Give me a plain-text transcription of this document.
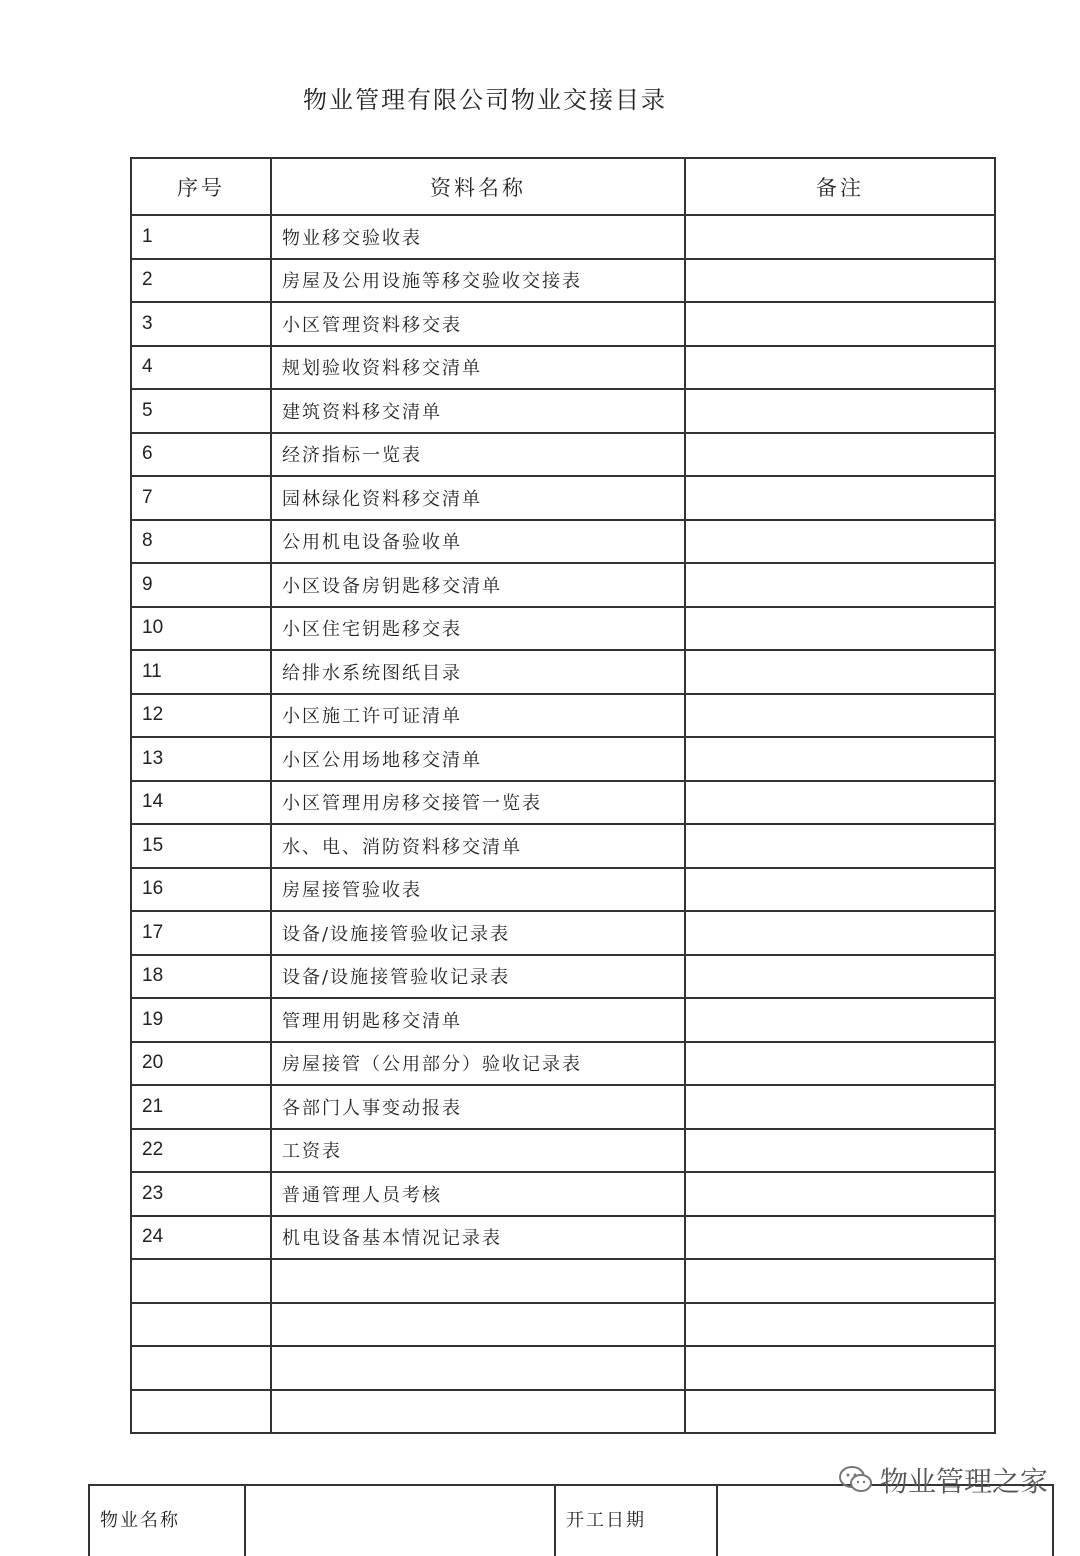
物业管理有限公司物业交接目录
序号	资料名称	备注
1	物业移交验收表	
2	房屋及公用设施等移交验收交接表	
3	小区管理资料移交表	
4	规划验收资料移交清单	
5	建筑资料移交清单	
6	经济指标一览表	
7	园林绿化资料移交清单	
8	公用机电设备验收单	
9	小区设备房钥匙移交清单	
10	小区住宅钥匙移交表	
11	给排水系统图纸目录	
12	小区施工许可证清单	
13	小区公用场地移交清单	
14	小区管理用房移交接管一览表	
15	水、电、消防资料移交清单	
16	房屋接管验收表	
17	设备/设施接管验收记录表	
18	设备/设施接管验收记录表	
19	管理用钥匙移交清单	
20	房屋接管（公用部分）验收记录表	
21	各部门人事变动报表	
22	工资表	
23	普通管理人员考核	
24	机电设备基本情况记录表	

物业名称		开工日期	
物业管理之家
